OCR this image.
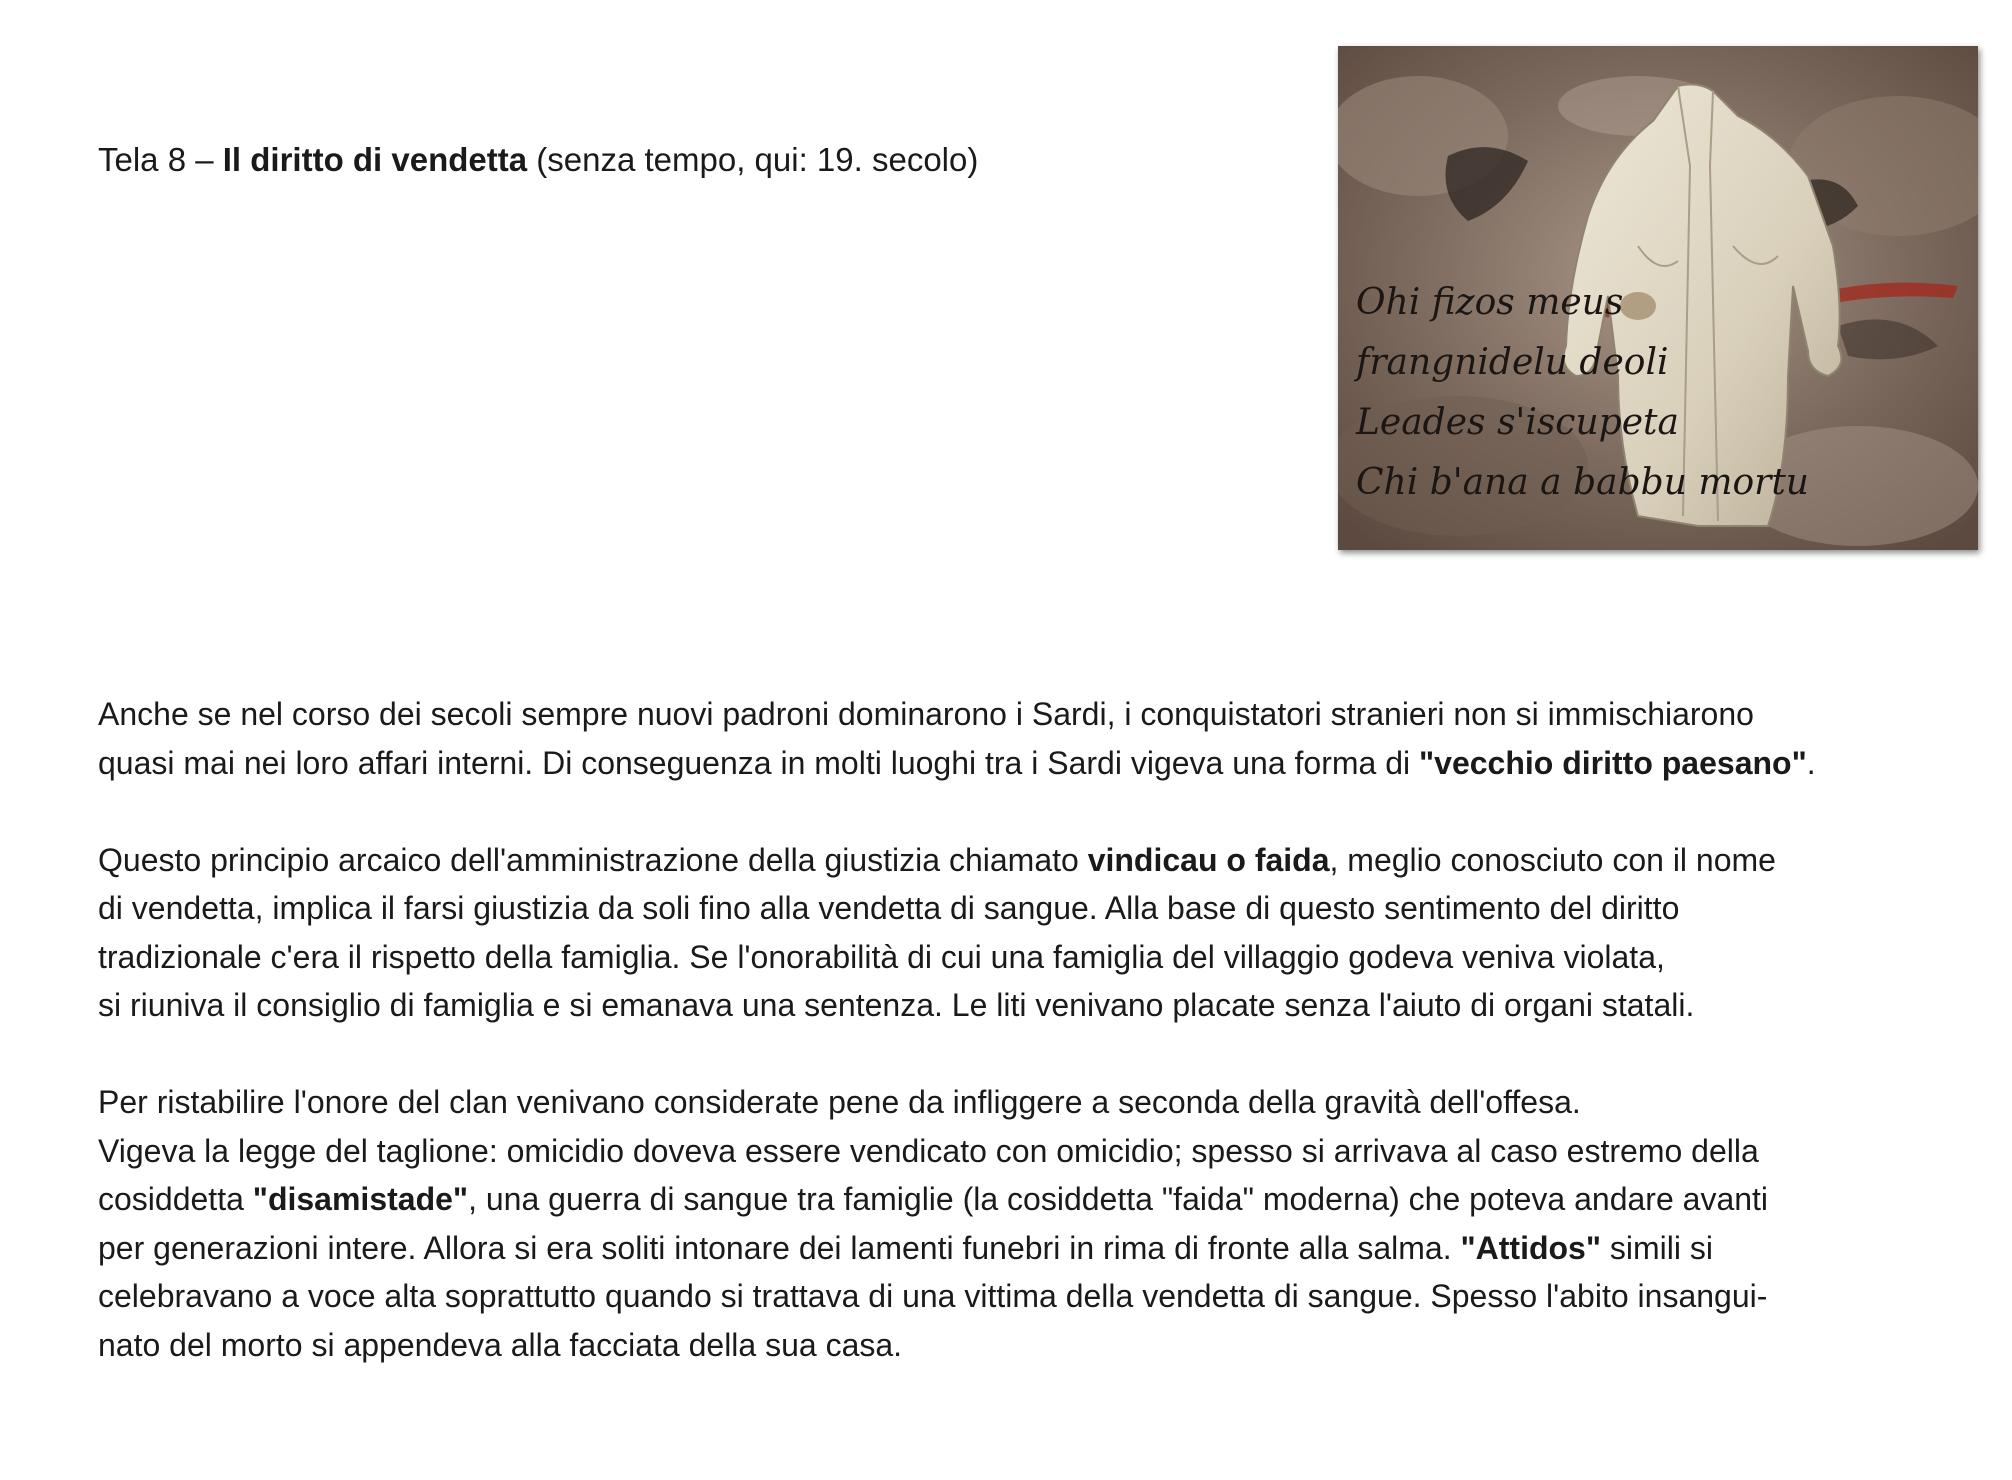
Tela 8 – Il diritto di vendetta (senza tempo, qui: 19. secolo)
Ohi fizos meus
frangnidelu deoli
Leades s'iscupeta
Chi b'ana a babbu mortu

Anche se nel corso dei secoli sempre nuovi padroni dominarono i Sardi, i conquistatori stranieri non si immischiarono
quasi mai nei loro affari interni. Di conseguenza in molti luoghi tra i Sardi vigeva una forma di "vecchio diritto paesano".

Questo principio arcaico dell'amministrazione della giustizia chiamato vindicau o faida, meglio conosciuto con il nome
di vendetta, implica il farsi giustizia da soli fino alla vendetta di sangue. Alla base di questo sentimento del diritto
tradizionale c'era il rispetto della famiglia. Se l'onorabilità di cui una famiglia del villaggio godeva veniva violata,
si riuniva il consiglio di famiglia e si emanava una sentenza. Le liti venivano placate senza l'aiuto di organi statali.

Per ristabilire l'onore del clan venivano considerate pene da infliggere a seconda della gravità dell'offesa.
Vigeva la legge del taglione: omicidio doveva essere vendicato con omicidio; spesso si arrivava al caso estremo della
cosiddetta "disamistade", una guerra di sangue tra famiglie (la cosiddetta "faida" moderna) che poteva andare avanti
per generazioni intere. Allora si era soliti intonare dei lamenti funebri in rima di fronte alla salma. "Attidos" simili si
celebravano a voce alta soprattutto quando si trattava di una vittima della vendetta di sangue. Spesso l'abito insangui-
nato del morto si appendeva alla facciata della sua casa.
